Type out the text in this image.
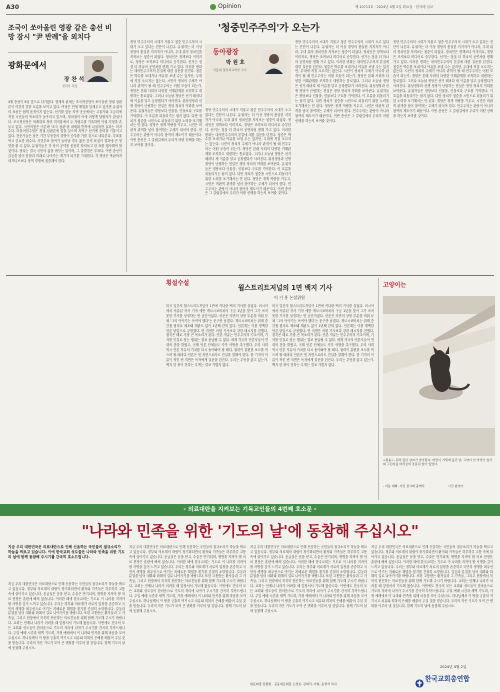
A30	Opinion	제 10713호 · 2024년 4월 2일 화요일 · 한겨레 일보
조국이 쏘아올린 영광 같은 총선 비망 잠시 "尹 반례"을 외치다
광화문에서
장 찬 석
정치부 차장
4월 총선이 9일 앞으로 다가왔다. 현재의 판세는 조국혁신당이 쏘아올린 정권 심판론이 여전히 강한 흐름을 보이고 있다. 여당은 민생 해법을 앞세우고 있지만 유권자의 표심은 쉽게 움직이지 않는다. 선거를 앞둔 지역 곳곳에서는 고물가와 고금리에 지친 시민들의 목소리가 높아지고 있으며, 정치권이 이에 어떻게 답할지가 관심사다. 조국혁신당은 비례대표 정당 지지율에서 두 자릿수를 기록하며 야권 지형을 흔들고 있다. 국민의힘은 이른바 '조국 심판'을 내세워 반격에 나섰지만 효과는 미지수다. 더불어민주당은 정권 심판론에 힘을 실으며 지역구 선거에 총력을 기울이고 있다. 전문가들은 남은 기간 부동층의 향방이 승부를 가를 것으로 내다본다. 투표율 역시 중요한 변수다. 사전투표 참여가 늘어날 경우 젊은 층의 표심이 결과에 큰 영향을 줄 수 있다. 유권자들은 각 당의 공약을 꼼꼼히 따져보고 한 표를 행사해야 할 것이다. 정치는 결국 국민의 삶을 바꾸는 일이며, 그 출발점은 투표다. 이번 총선이 갈등을 넘어 통합과 미래로 나아가는 계기가 되기를 기대한다. 각 정당은 막판까지 네거티브보다 정책 경쟁에 집중해야 한다.
'청중민주주의'가 오는가
정당 민주주의의 시대가 저물고 청중 민주주의의 시대가 오고 있다는 진단이 나온다. 유권자는 더 이상 정당의 충실한 지지자가 아니라, 무대 위의 정치인을 지켜보는 청중이 되었다. 정치인은 정책보다 이미지로, 정당은 조직보다 미디어로 승부한다. 선거는 점점 더 하나의 공연처럼 변해 가고 있다. 이러한 변화는 대의민주주의의 본질에 대한 질문을 던진다. 청중은 박수를 보내거나 야유를 보낼 수는 있지만, 무대에 직접 오르지는 않는다. 시민이 정치의 주체가 아니라 관객이 될 때 민주주의는 어떤 모습이 되는가. 정당은 본래 사회의 다양한 이해관계를 조직하고 대변하는 통로였다. 그러나 오늘날 정당은 선거 때마다 새 이름을 달고 등장했다가 사라진다. 위성정당과 신생 정당이 난립하는 현실은 정당 정치의 약화를 보여준다. 유권자들은 정당보다 인물을, 인물보다 구호를 기억한다. 이 흐름을 되돌리기는 쉽지 않다. 다만 정치가 청중을 시민으로 되돌리기 위한 노력을 포기해서는 안 된다. 정당은 정책 역량을 키우고, 시민은 비판적 관객을 넘어 참여하는 주체가 되어야 한다. 민주주의는 관람이 아니라 참여의 제도이기 때문이다. 이번 총선은 그 갈림길에서 우리가 어떤 선택을 하는지 보여줄 것이다.
동아광장
박 원 호
서울대 정치외교학부 교수
정당 민주주의의 시대가 저물고 청중 민주주의의 시대가 오고 있다는 진단이 나온다. 유권자는 더 이상 정당의 충실한 지지자가 아니라, 무대 위의 정치인을 지켜보는 청중이 되었다. 정치인은 정책보다 이미지로, 정당은 조직보다 미디어로 승부한다. 선거는 점점 더 하나의 공연처럼 변해 가고 있다. 이러한 변화는 대의민주주의의 본질에 대한 질문을 던진다. 청중은 박수를 보내거나 야유를 보낼 수는 있지만, 무대에 직접 오르지는 않는다. 시민이 정치의 주체가 아니라 관객이 될 때 민주주의는 어떤 모습이 되는가. 정당은 본래 사회의 다양한 이해관계를 조직하고 대변하는 통로였다. 그러나 오늘날 정당은 선거 때마다 새 이름을 달고 등장했다가 사라진다. 위성정당과 신생 정당이 난립하는 현실은 정당 정치의 약화를 보여준다. 유권자들은 정당보다 인물을, 인물보다 구호를 기억한다. 이 흐름을 되돌리기는 쉽지 않다. 다만 정치가 청중을 시민으로 되돌리기 위한 노력을 포기해서는 안 된다. 정당은 정책 역량을 키우고, 시민은 비판적 관객을 넘어 참여하는 주체가 되어야 한다. 민주주의는 관람이 아니라 참여의 제도이기 때문이다. 이번 총선은 그 갈림길에서 우리가 어떤 선택을 하는지 보여줄 것이다.
정당 민주주의의 시대가 저물고 청중 민주주의의 시대가 오고 있다는 진단이 나온다. 유권자는 더 이상 정당의 충실한 지지자가 아니라, 무대 위의 정치인을 지켜보는 청중이 되었다. 정치인은 정책보다 이미지로, 정당은 조직보다 미디어로 승부한다. 선거는 점점 더 하나의 공연처럼 변해 가고 있다. 이러한 변화는 대의민주주의의 본질에 대한 질문을 던진다. 청중은 박수를 보내거나 야유를 보낼 수는 있지만, 무대에 직접 오르지는 않는다. 시민이 정치의 주체가 아니라 관객이 될 때 민주주의는 어떤 모습이 되는가. 정당은 본래 사회의 다양한 이해관계를 조직하고 대변하는 통로였다. 그러나 오늘날 정당은 선거 때마다 새 이름을 달고 등장했다가 사라진다. 위성정당과 신생 정당이 난립하는 현실은 정당 정치의 약화를 보여준다. 유권자들은 정당보다 인물을, 인물보다 구호를 기억한다. 이 흐름을 되돌리기는 쉽지 않다. 다만 정치가 청중을 시민으로 되돌리기 위한 노력을 포기해서는 안 된다. 정당은 정책 역량을 키우고, 시민은 비판적 관객을 넘어 참여하는 주체가 되어야 한다. 민주주의는 관람이 아니라 참여의 제도이기 때문이다. 이번 총선은 그 갈림길에서 우리가 어떤 선택을 하는지 보여줄 것이다.
정당 민주주의의 시대가 저물고 청중 민주주의의 시대가 오고 있다는 진단이 나온다. 유권자는 더 이상 정당의 충실한 지지자가 아니라, 무대 위의 정치인을 지켜보는 청중이 되었다. 정치인은 정책보다 이미지로, 정당은 조직보다 미디어로 승부한다. 선거는 점점 더 하나의 공연처럼 변해 가고 있다. 이러한 변화는 대의민주주의의 본질에 대한 질문을 던진다. 청중은 박수를 보내거나 야유를 보낼 수는 있지만, 무대에 직접 오르지는 않는다. 시민이 정치의 주체가 아니라 관객이 될 때 민주주의는 어떤 모습이 되는가. 정당은 본래 사회의 다양한 이해관계를 조직하고 대변하는 통로였다. 그러나 오늘날 정당은 선거 때마다 새 이름을 달고 등장했다가 사라진다. 위성정당과 신생 정당이 난립하는 현실은 정당 정치의 약화를 보여준다. 유권자들은 정당보다 인물을, 인물보다 구호를 기억한다. 이 흐름을 되돌리기는 쉽지 않다. 다만 정치가 청중을 시민으로 되돌리기 위한 노력을 포기해서는 안 된다. 정당은 정책 역량을 키우고, 시민은 비판적 관객을 넘어 참여하는 주체가 되어야 한다. 민주주의는 관람이 아니라 참여의 제도이기 때문이다. 이번 총선은 그 갈림길에서 우리가 어떤 선택을 하는지 보여줄 것이다.
횡설수설
월스트리트저널의 1면 백지 기사
이 기 홍 논설위원
미국 일간지 월스트리트저널이 1면에 커다란 백지 기사를 실었다. 러시아에서 억류된 자사 기자 에반 게르시코비치의 구금 1년을 맞아 그가 쓰지 못한 기사를 상징하는 빈 공간이었다. 신문은 지면의 상당 부분을 비워 둔 채 '그의 이야기는 쓰여야 했다'는 문구만 남겼다. 게르시코비치는 취재 중 간첩 혐의로 체포돼 재판도 없이 1년째 갇혀 있다. 언론계는 이를 명백한 언론 탄압으로 규정했다. 빈 지면은 어떤 기사보다 강한 메시지를 전했다. 침묵은 때로 가장 큰 목소리가 된다. 언론 자유는 민주주의의 기초이며, 기자를 인질로 삼는 행위는 결코 용납될 수 없다. 세계 각국의 언론사들이 연대의 뜻을 밝혔고, 국제 언론 단체들도 즉각 석방을 촉구했다. 우리 사회 역시 언론 자유의 가치를 다시 돌아봐야 할 때다. 권력이 불편한 보도를 막으려 할 때마다 언론은 빈 지면으로라도 진실을 말해야 한다. 한 기자의 이름이 적힌 빈 지면은 독자에게 질문을 던진다. 우리는 무엇을 잃고 있는가. 백지 한 장이 전하는 무게는 결코 가볍지 않다.
미국 일간지 월스트리트저널이 1면에 커다란 백지 기사를 실었다. 러시아에서 억류된 자사 기자 에반 게르시코비치의 구금 1년을 맞아 그가 쓰지 못한 기사를 상징하는 빈 공간이었다. 신문은 지면의 상당 부분을 비워 둔 채 '그의 이야기는 쓰여야 했다'는 문구만 남겼다. 게르시코비치는 취재 중 간첩 혐의로 체포돼 재판도 없이 1년째 갇혀 있다. 언론계는 이를 명백한 언론 탄압으로 규정했다. 빈 지면은 어떤 기사보다 강한 메시지를 전했다. 침묵은 때로 가장 큰 목소리가 된다. 언론 자유는 민주주의의 기초이며, 기자를 인질로 삼는 행위는 결코 용납될 수 없다. 세계 각국의 언론사들이 연대의 뜻을 밝혔고, 국제 언론 단체들도 즉각 석방을 촉구했다. 우리 사회 역시 언론 자유의 가치를 다시 돌아봐야 할 때다. 권력이 불편한 보도를 막으려 할 때마다 언론은 빈 지면으로라도 진실을 말해야 한다. 한 기자의 이름이 적힌 빈 지면은 독자에게 질문을 던진다. 우리는 무엇을 잃고 있는가. 백지 한 장이 전하는 무게는 결코 가볍지 않다.
고양이는
<충돌>, 원치 않던 날씨가 찾아왔다. 바람이 거세게 불던 날, 고양이 한 마리가 창가의 그림자를 바라보며 조용히 앉아 있었다.
- 이동 대화, 사진 전시회 중에서	사진 촬영자
- 의료대란을 지켜보는 기독교인들의 4번째 호소문 -
"나라와 민족을 위한 '기도의 날'에 동참해 주십시오"
지금 우리 대한민국은 의료대란으로 인해 신음하는 국민들의 절규소리가 하늘을 찌르고 있습니다. 이에 한국교회 성도들은 나라와 민족을 위한 기도의 날에 함께 동참해 주시기를 간곡히 호소드립니다.
지금 우리 대한민국은 의료대란으로 인해 신음하는 국민들의 절규소리가 하늘을 찌르고 있습니다. 정부와 의료계의 대립이 장기화되면서 환자와 가족들은 하루하루 고통 속에 살아가고 있습니다. 응급실은 문을 닫고, 수술은 연기되며, 생명을 지켜야 할 의료 현장은 혼란에 빠져 있습니다. 이러한 때에 한국교회는 기도로 이 나라를 지켜야 할 사명을 깊이 느끼고 있습니다. 우리는 정부와 의료계가 서로의 입장을 존중하고 국민의 생명을 최우선으로 여기는 지혜로운 해법을 찾기를 간절히 소망합니다. 갈등과 분열을 넘어 대화와 화해의 길로 나아가기를 바랍니다. 또한 고통받는 환자들과 그 가족들, 그리고 현장에서 묵묵히 헌신하는 의료진들을 위해 함께 기도해 주시기 바랍니다. 교회는 언제나 나라가 어려울 때 앞장서서 기도해 왔습니다. 이번에도 전국의 모든 교회와 성도들이 한마음으로 기도의 자리에 나아가 주시기를 간곡히 부탁드립니다. 주일 예배 시간과 새벽 기도회, 가정 예배에서 이 나라와 민족을 위해 마음을 모아 주십시오. 하나님께서 이 땅을 긍휼히 여기시고 치유와 회복의 은혜를 베풀어 주실 것을 믿습니다. 우리의 작은 기도가 모여 큰 변화를 이루어 낼 것입니다. 함께 기도의 날에 동참해 주십시오.
지금 우리 대한민국은 의료대란으로 인해 신음하는 국민들의 절규소리가 하늘을 찌르고 있습니다. 정부와 의료계의 대립이 장기화되면서 환자와 가족들은 하루하루 고통 속에 살아가고 있습니다. 응급실은 문을 닫고, 수술은 연기되며, 생명을 지켜야 할 의료 현장은 혼란에 빠져 있습니다. 이러한 때에 한국교회는 기도로 이 나라를 지켜야 할 사명을 깊이 느끼고 있습니다. 우리는 정부와 의료계가 서로의 입장을 존중하고 국민의 생명을 최우선으로 여기는 지혜로운 해법을 찾기를 간절히 소망합니다. 갈등과 분열을 넘어 대화와 화해의 길로 나아가기를 바랍니다. 또한 고통받는 환자들과 그 가족들, 그리고 현장에서 묵묵히 헌신하는 의료진들을 위해 함께 기도해 주시기 바랍니다. 교회는 언제나 나라가 어려울 때 앞장서서 기도해 왔습니다. 이번에도 전국의 모든 교회와 성도들이 한마음으로 기도의 자리에 나아가 주시기를 간곡히 부탁드립니다. 주일 예배 시간과 새벽 기도회, 가정 예배에서 이 나라와 민족을 위해 마음을 모아 주십시오. 하나님께서 이 땅을 긍휼히 여기시고 치유와 회복의 은혜를 베풀어 주실 것을 믿습니다. 우리의 작은 기도가 모여 큰 변화를 이루어 낼 것입니다. 함께 기도의 날에 동참해 주십시오.
지금 우리 대한민국은 의료대란으로 인해 신음하는 국민들의 절규소리가 하늘을 찌르고 있습니다. 정부와 의료계의 대립이 장기화되면서 환자와 가족들은 하루하루 고통 속에 살아가고 있습니다. 응급실은 문을 닫고, 수술은 연기되며, 생명을 지켜야 할 의료 현장은 혼란에 빠져 있습니다. 이러한 때에 한국교회는 기도로 이 나라를 지켜야 할 사명을 깊이 느끼고 있습니다. 우리는 정부와 의료계가 서로의 입장을 존중하고 국민의 생명을 최우선으로 여기는 지혜로운 해법을 찾기를 간절히 소망합니다. 갈등과 분열을 넘어 대화와 화해의 길로 나아가기를 바랍니다. 또한 고통받는 환자들과 그 가족들, 그리고 현장에서 묵묵히 헌신하는 의료진들을 위해 함께 기도해 주시기 바랍니다. 교회는 언제나 나라가 어려울 때 앞장서서 기도해 왔습니다. 이번에도 전국의 모든 교회와 성도들이 한마음으로 기도의 자리에 나아가 주시기를 간곡히 부탁드립니다. 주일 예배 시간과 새벽 기도회, 가정 예배에서 이 나라와 민족을 위해 마음을 모아 주십시오. 하나님께서 이 땅을 긍휼히 여기시고 치유와 회복의 은혜를 베풀어 주실 것을 믿습니다. 우리의 작은 기도가 모여 큰 변화를 이루어 낼 것입니다. 함께 기도의 날에 동참해 주십시오.
지금 우리 대한민국은 의료대란으로 인해 신음하는 국민들의 절규소리가 하늘을 찌르고 있습니다. 정부와 의료계의 대립이 장기화되면서 환자와 가족들은 하루하루 고통 속에 살아가고 있습니다. 응급실은 문을 닫고, 수술은 연기되며, 생명을 지켜야 할 의료 현장은 혼란에 빠져 있습니다. 이러한 때에 한국교회는 기도로 이 나라를 지켜야 할 사명을 깊이 느끼고 있습니다. 우리는 정부와 의료계가 서로의 입장을 존중하고 국민의 생명을 최우선으로 여기는 지혜로운 해법을 찾기를 간절히 소망합니다. 갈등과 분열을 넘어 대화와 화해의 길로 나아가기를 바랍니다. 또한 고통받는 환자들과 그 가족들, 그리고 현장에서 묵묵히 헌신하는 의료진들을 위해 함께 기도해 주시기 바랍니다. 교회는 언제나 나라가 어려울 때 앞장서서 기도해 왔습니다. 이번에도 전국의 모든 교회와 성도들이 한마음으로 기도의 자리에 나아가 주시기를 간곡히 부탁드립니다. 주일 예배 시간과 새벽 기도회, 가정 예배에서 이 나라와 민족을 위해 마음을 모아 주십시오. 하나님께서 이 땅을 긍휼히 여기시고 치유와 회복의 은혜를 베풀어 주실 것을 믿습니다. 우리의 작은 기도가 모여 큰 변화를 이루어 낼 것입니다. 함께 기도의 날에 동참해 주십시오.
2024년 4월 2일
한국교회총연합
대표회장 장종현 · 공동대표회장 오정호, 김의식, 이철, 송영석 목사
